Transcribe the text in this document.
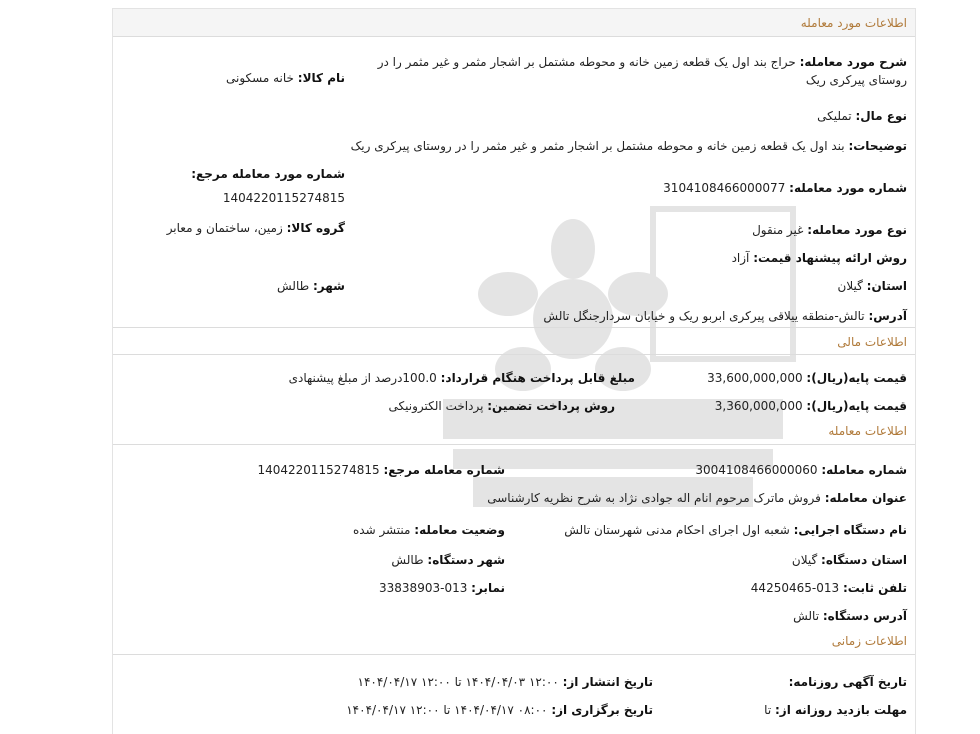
اطلاعات مورد معامله
شرح مورد معامله: حراج بند اول یک قطعه زمین خانه و محوطه مشتمل بر اشجار مثمر و غیر مثمر را در
روستای پیرکری ریک
نام کالا: خانه مسکونی
نوع مال: تملیکی
توضیحات: بند اول یک قطعه زمین خانه و محوطه مشتمل بر اشجار مثمر و غیر مثمر را در روستای پیرکری ریک
شماره مورد معامله مرجع:
1404220115274815
شماره مورد معامله: 3104108466000077
گروه کالا: زمین، ساختمان و معابر	نوع مورد معامله: غیر منقول
روش ارائه پیشنهاد قیمت: آزاد
شهر: طالش	استان: گیلان
آدرس: تالش-منطقه ییلاقی پیرکری ابربو ریک و خیابان سردارجنگل تالش
اطلاعات مالی
قیمت پایه(ریال): 33,600,000,000
مبلغ قابل پرداخت هنگام قرارداد: 100.0درصد از مبلغ پیشنهادی
قیمت پایه(ریال): 3,360,000,000
روش پرداخت تضمین: پرداخت الکترونیکی
اطلاعات معامله
شماره معامله: 3004108466000060
شماره معامله مرجع: 1404220115274815
عنوان معامله: فروش ماترک مرحوم انام اله جوادی نژاد به شرح نظریه کارشناسی
نام دستگاه اجرایی: شعبه اول اجرای احکام مدنی شهرستان تالش
وضعیت معامله: منتشر شده
استان دستگاه: گیلان
شهر دستگاه: طالش
تلفن ثابت: 013-44250465
نمابر: 013-33838903
آدرس دستگاه: تالش
اطلاعات زمانی
تاریخ آگهی روزنامه:
تاریخ انتشار از: ۱۲:۰۰ ۱۴۰۴/۰۴/۰۳ تا ۱۲:۰۰ ۱۴۰۴/۰۴/۱۷
مهلت بازدید روزانه از: تا
تاریخ برگزاری از: ۰۸:۰۰ ۱۴۰۴/۰۴/۱۷ تا ۱۲:۰۰ ۱۴۰۴/۰۴/۱۷
